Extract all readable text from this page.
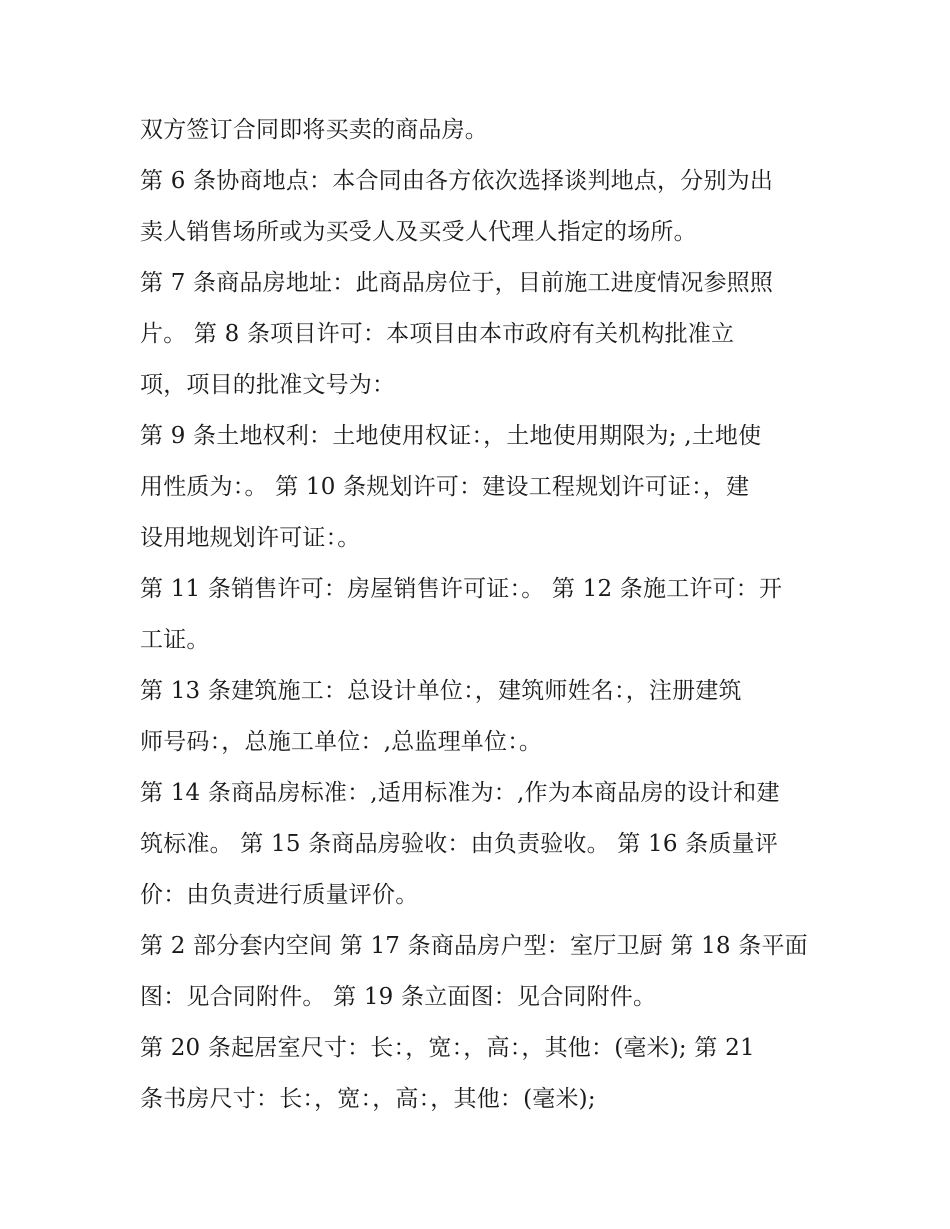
双方签订合同即将买卖的商品房。
第 6 条协商地点：本合同由各方依次选择谈判地点，分别为出
卖人销售场所或为买受人及买受人代理人指定的场所。
第 7 条商品房地址：此商品房位于，目前施工进度情况参照照
片。 第 8 条项目许可：本项目由本市政府有关机构批准立
项，项目的批准文号为：
第 9 条土地权利：土地使用权证：，土地使用期限为; ,土地使
用性质为：。 第 10 条规划许可：建设工程规划许可证：，建
设用地规划许可证：。
第 11 条销售许可：房屋销售许可证：。 第 12 条施工许可：开
工证。
第 13 条建筑施工：总设计单位：，建筑师姓名：，注册建筑
师号码：，总施工单位：,总监理单位：。
第 14 条商品房标准：,适用标准为：,作为本商品房的设计和建
筑标准。 第 15 条商品房验收：由负责验收。 第 16 条质量评
价：由负责进行质量评价。
第 2 部分套内空间 第 17 条商品房户型：室厅卫厨 第 18 条平面
图：见合同附件。 第 19 条立面图：见合同附件。
第 20 条起居室尺寸：长：，宽：，高：，其他：(毫米); 第 21
条书房尺寸：长：，宽：，高：，其他：(毫米);
